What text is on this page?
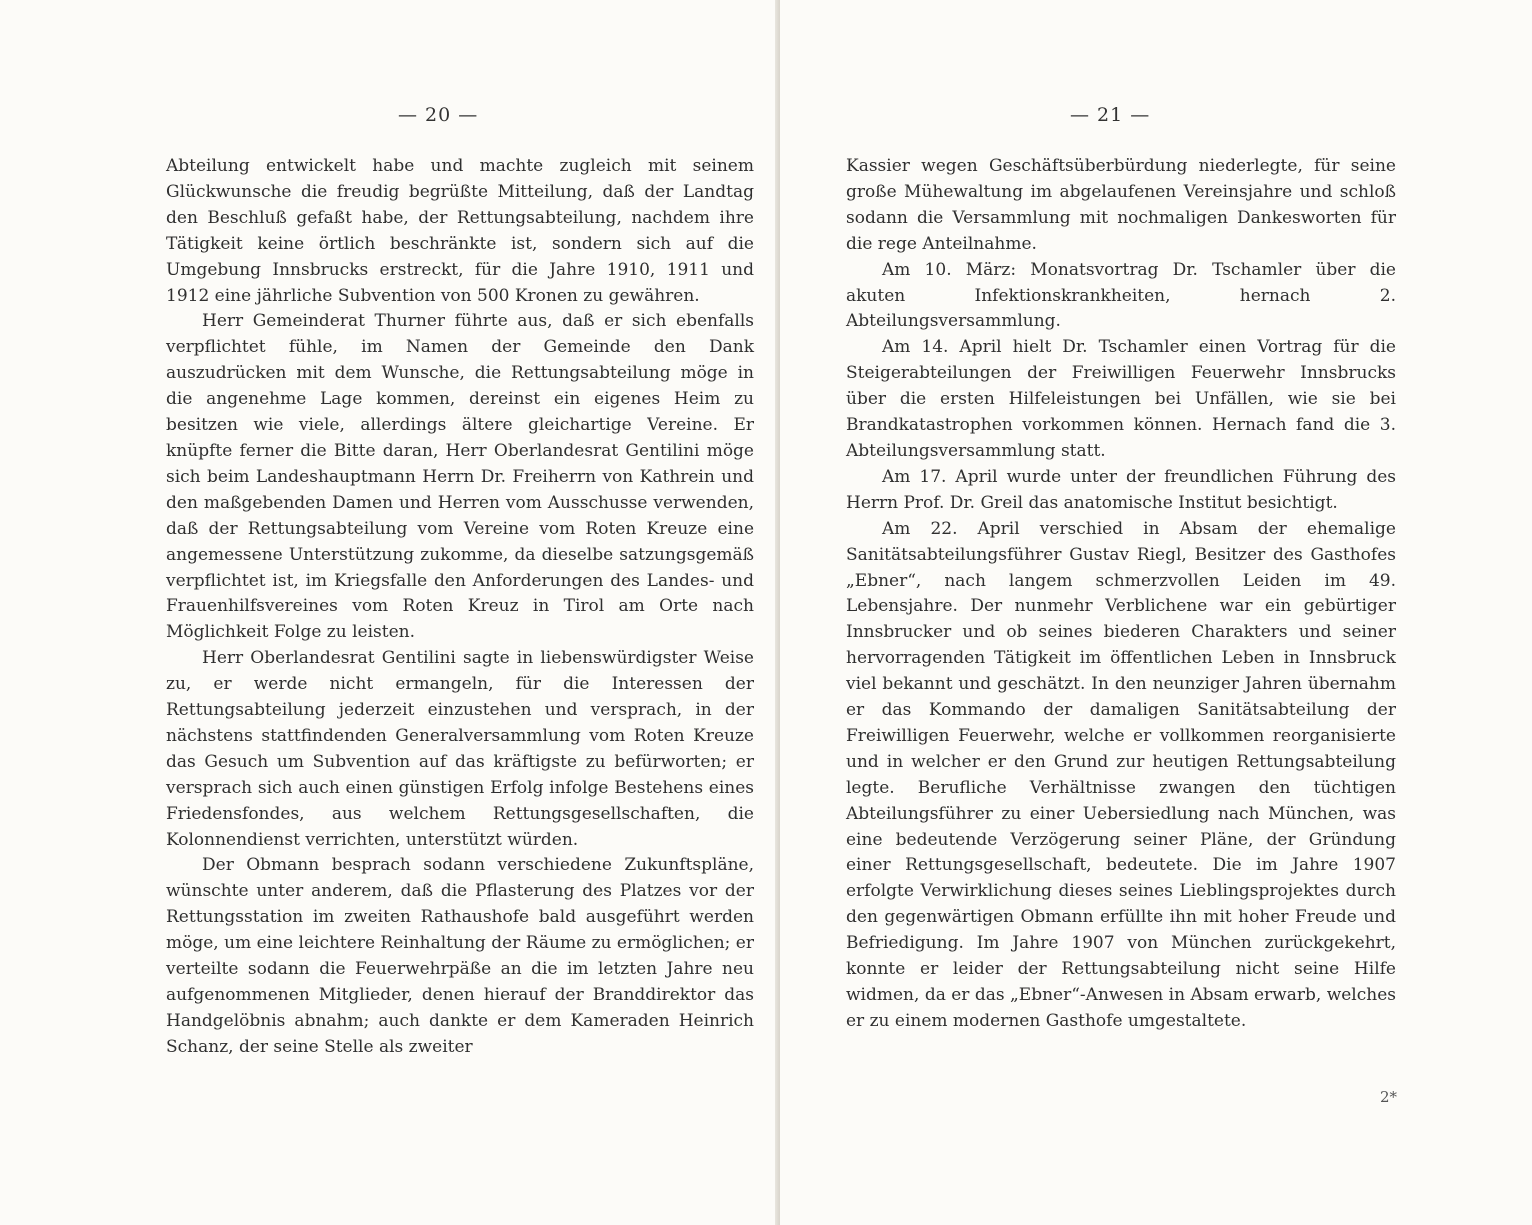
— 20 —

Abteilung entwickelt habe und machte zugleich mit seinem Glückwunsche die freudig begrüßte Mitteilung, daß der Landtag den Beschluß gefaßt habe, der Rettungsabteilung, nachdem ihre Tätigkeit keine örtlich beschränkte ist, sondern sich auf die Umgebung Innsbrucks erstreckt, für die Jahre 1910, 1911 und 1912 eine jährliche Subvention von 500 Kronen zu gewähren.

Herr Gemeinderat Thurner führte aus, daß er sich ebenfalls verpflichtet fühle, im Namen der Gemeinde den Dank auszudrücken mit dem Wunsche, die Rettungsabteilung möge in die angenehme Lage kommen, dereinst ein eigenes Heim zu besitzen wie viele, allerdings ältere gleichartige Vereine. Er knüpfte ferner die Bitte daran, Herr Oberlandesrat Gentilini möge sich beim Landeshauptmann Herrn Dr. Freiherrn von Kathrein und den maßgebenden Damen und Herren vom Ausschusse verwenden, daß der Rettungsabteilung vom Vereine vom Roten Kreuze eine angemessene Unterstützung zukomme, da dieselbe satzungsgemäß verpflichtet ist, im Kriegsfalle den Anforderungen des Landes- und Frauenhilfsvereines vom Roten Kreuz in Tirol am Orte nach Möglichkeit Folge zu leisten.

Herr Oberlandesrat Gentilini sagte in liebenswürdigster Weise zu, er werde nicht ermangeln, für die Interessen der Rettungsabteilung jederzeit einzustehen und versprach, in der nächstens stattfindenden Generalversammlung vom Roten Kreuze das Gesuch um Subvention auf das kräftigste zu befürworten; er versprach sich auch einen günstigen Erfolg infolge Bestehens eines Friedensfondes, aus welchem Rettungsgesellschaften, die Kolonnendienst verrichten, unterstützt würden.

Der Obmann besprach sodann verschiedene Zukunftspläne, wünschte unter anderem, daß die Pflasterung des Platzes vor der Rettungsstation im zweiten Rathaushofe bald ausgeführt werden möge, um eine leichtere Reinhaltung der Räume zu ermöglichen; er verteilte sodann die Feuerwehrpäße an die im letzten Jahre neu aufgenommenen Mitglieder, denen hierauf der Branddirektor das Handgelöbnis abnahm; auch dankte er dem Kameraden Heinrich Schanz, der seine Stelle als zweiter

— 21 —

Kassier wegen Geschäftsüberbürdung niederlegte, für seine große Mühewaltung im abgelaufenen Vereinsjahre und schloß sodann die Versammlung mit nochmaligen Dankesworten für die rege Anteilnahme.

Am 10. März: Monatsvortrag Dr. Tschamler über die akuten Infektionskrankheiten, hernach 2. Abteilungsversammlung.

Am 14. April hielt Dr. Tschamler einen Vortrag für die Steigerabteilungen der Freiwilligen Feuerwehr Innsbrucks über die ersten Hilfeleistungen bei Unfällen, wie sie bei Brandkatastrophen vorkommen können. Hernach fand die 3. Abteilungsversammlung statt.

Am 17. April wurde unter der freundlichen Führung des Herrn Prof. Dr. Greil das anatomische Institut besichtigt.

Am 22. April verschied in Absam der ehemalige Sanitätsabteilungsführer Gustav Riegl, Besitzer des Gasthofes „Ebner“, nach langem schmerzvollen Leiden im 49. Lebensjahre. Der nunmehr Verblichene war ein gebürtiger Innsbrucker und ob seines biederen Charakters und seiner hervorragenden Tätigkeit im öffentlichen Leben in Innsbruck viel bekannt und geschätzt. In den neunziger Jahren übernahm er das Kommando der damaligen Sanitätsabteilung der Freiwilligen Feuerwehr, welche er vollkommen reorganisierte und in welcher er den Grund zur heutigen Rettungsabteilung legte. Berufliche Verhältnisse zwangen den tüchtigen Abteilungsführer zu einer Uebersiedlung nach München, was eine bedeutende Verzögerung seiner Pläne, der Gründung einer Rettungsgesellschaft, bedeutete. Die im Jahre 1907 erfolgte Verwirklichung dieses seines Lieblingsprojektes durch den gegenwärtigen Obmann erfüllte ihn mit hoher Freude und Befriedigung. Im Jahre 1907 von München zurückgekehrt, konnte er leider der Rettungsabteilung nicht seine Hilfe widmen, da er das „Ebner“-Anwesen in Absam erwarb, welches er zu einem modernen Gasthofe umgestaltete.

2*
